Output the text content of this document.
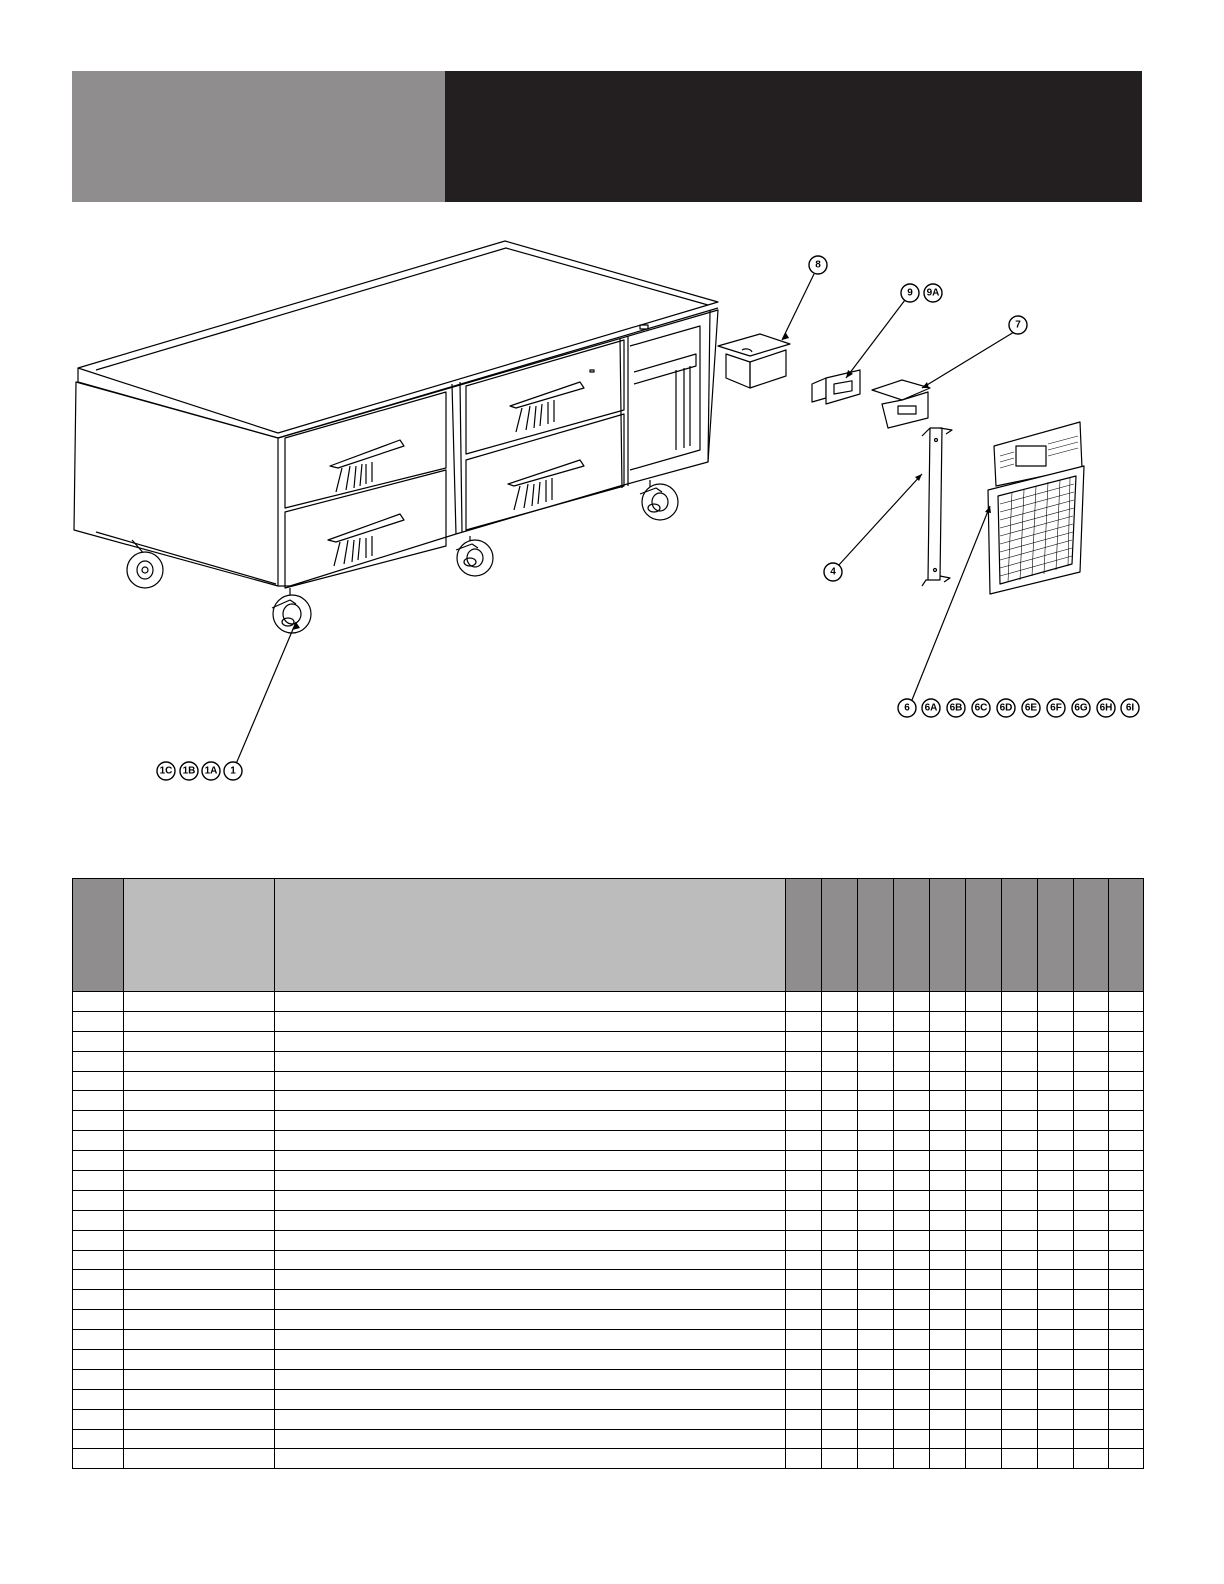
1C 1B 1A 1
8
9 9A
7
4
6 6A 6B 6C 6D 6E 6F 6G 6H 6I
